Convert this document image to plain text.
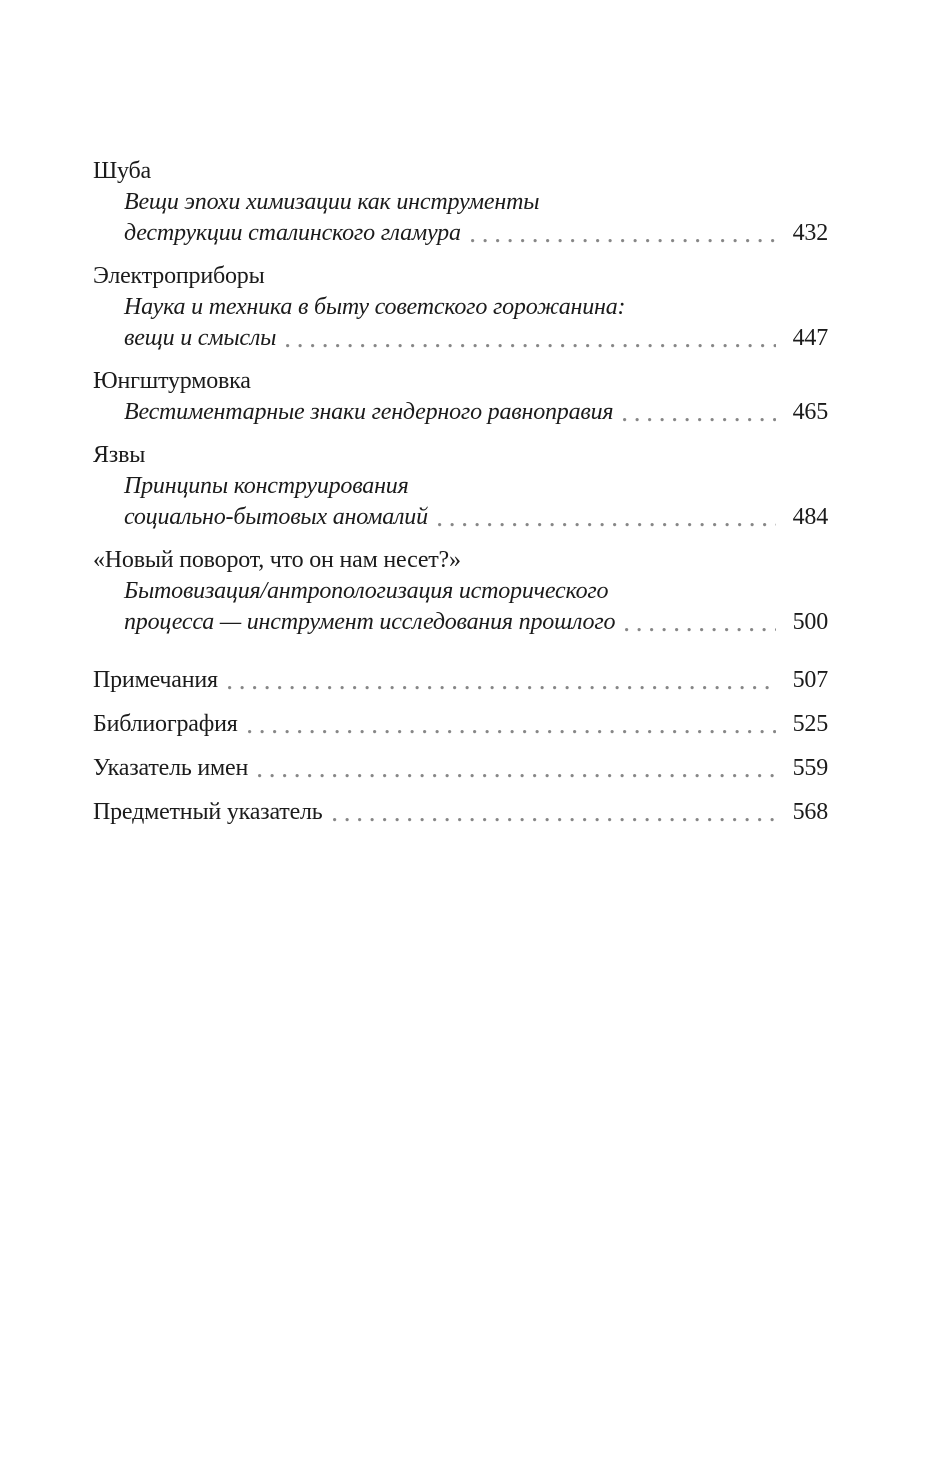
Шуба
Вещи эпохи химизации как инструменты
деструкции сталинского гламура	432
Электроприборы
Наука и техника в быту советского горожанина:
вещи и смыслы	447
Юнгштурмовка
Вестиментарные знаки гендерного равноправия	465
Язвы
Принципы конструирования
социально-бытовых аномалий	484
«Новый поворот, что он нам несет?»
Бытовизация/антропологизация исторического
процесса — инструмент исследования прошлого	500
Примечания	507
Библиография	525
Указатель имен	559
Предметный указатель	568
